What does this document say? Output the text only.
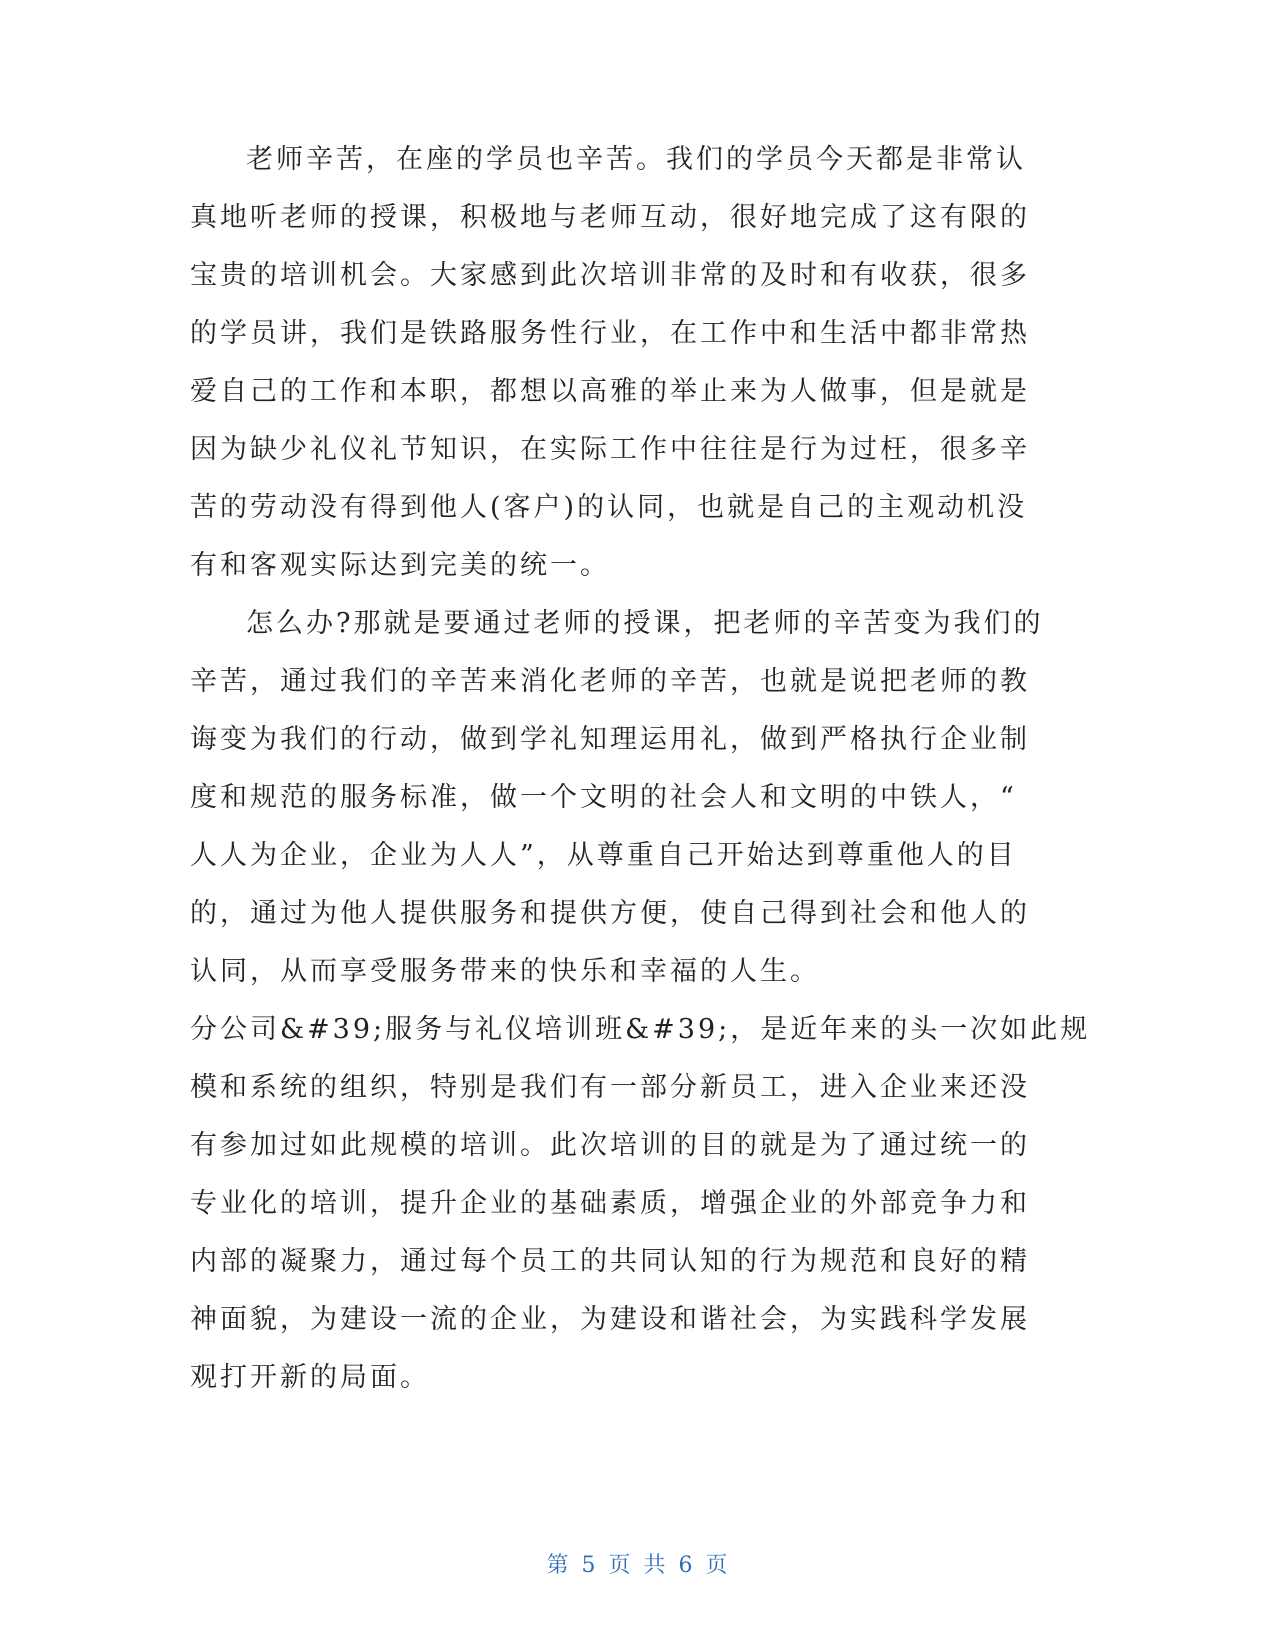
老师辛苦，在座的学员也辛苦。我们的学员今天都是非常认
真地听老师的授课，积极地与老师互动，很好地完成了这有限的
宝贵的培训机会。大家感到此次培训非常的及时和有收获，很多
的学员讲，我们是铁路服务性行业，在工作中和生活中都非常热
爱自己的工作和本职，都想以高雅的举止来为人做事，但是就是
因为缺少礼仪礼节知识，在实际工作中往往是行为过枉，很多辛
苦的劳动没有得到他人(客户)的认同，也就是自己的主观动机没
有和客观实际达到完美的统一。
怎么办?那就是要通过老师的授课，把老师的辛苦变为我们的
辛苦，通过我们的辛苦来消化老师的辛苦，也就是说把老师的教
诲变为我们的行动，做到学礼知理运用礼，做到严格执行企业制
度和规范的服务标准，做一个文明的社会人和文明的中铁人，“
人人为企业，企业为人人”，从尊重自己开始达到尊重他人的目
的，通过为他人提供服务和提供方便，使自己得到社会和他人的
认同，从而享受服务带来的快乐和幸福的人生。
分公司&#39;服务与礼仪培训班&#39;，是近年来的头一次如此规
模和系统的组织，特别是我们有一部分新员工，进入企业来还没
有参加过如此规模的培训。此次培训的目的就是为了通过统一的
专业化的培训，提升企业的基础素质，增强企业的外部竞争力和
内部的凝聚力，通过每个员工的共同认知的行为规范和良好的精
神面貌，为建设一流的企业，为建设和谐社会，为实践科学发展
观打开新的局面。
第 5 页 共 6 页
